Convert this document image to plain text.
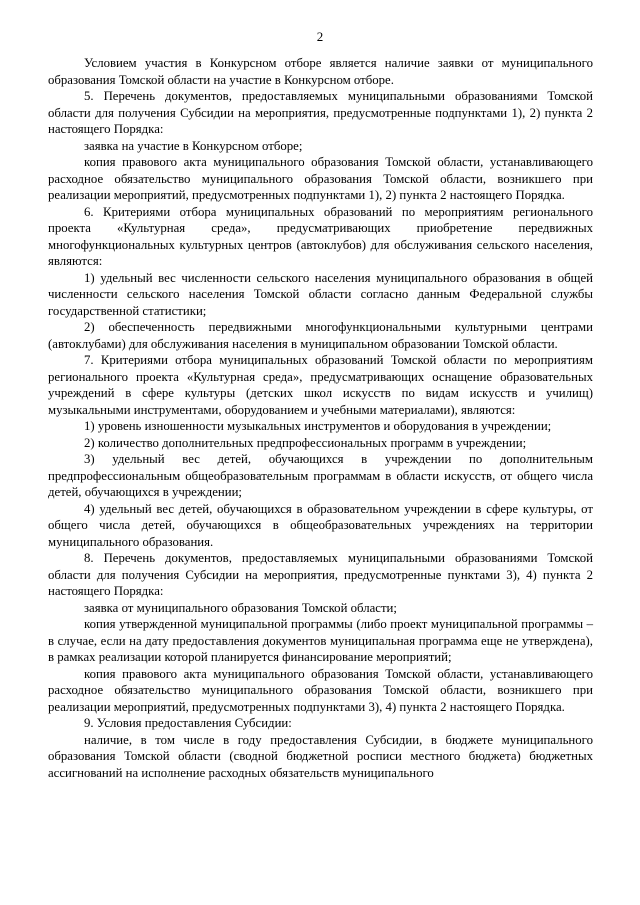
2

Условием участия в Конкурсном отборе является наличие заявки от муниципального образования Томской области на участие в Конкурсном отборе.

5. Перечень документов, предоставляемых муниципальными образованиями Томской области для получения Субсидии на мероприятия, предусмотренные подпунктами 1), 2) пункта 2 настоящего Порядка:

заявка на участие в Конкурсном отборе;

копия правового акта муниципального образования Томской области, устанавливающего расходное обязательство муниципального образования Томской области, возникшего при реализации мероприятий, предусмотренных подпунктами 1), 2) пункта 2 настоящего Порядка.

6. Критериями отбора муниципальных образований по мероприятиям регионального проекта «Культурная среда», предусматривающих приобретение передвижных многофункциональных культурных центров (автоклубов) для обслуживания сельского населения, являются:

1) удельный вес численности сельского населения муниципального образования в общей численности сельского населения Томской области согласно данным Федеральной службы государственной статистики;

2) обеспеченность передвижными многофункциональными культурными центрами (автоклубами) для обслуживания населения в муниципальном образовании Томской области.

7. Критериями отбора муниципальных образований Томской области по мероприятиям регионального проекта «Культурная среда», предусматривающих оснащение образовательных учреждений в сфере культуры (детских школ искусств по видам искусств и училищ) музыкальными инструментами, оборудованием и учебными материалами), являются:

1) уровень изношенности музыкальных инструментов и оборудования в учреждении;

2) количество дополнительных предпрофессиональных программ в учреждении;

3) удельный вес детей, обучающихся в учреждении по дополнительным предпрофессиональным общеобразовательным программам в области искусств, от общего числа детей, обучающихся в учреждении;

4) удельный вес детей, обучающихся в образовательном учреждении в сфере культуры, от общего числа детей, обучающихся в общеобразовательных учреждениях на территории муниципального образования.

8. Перечень документов, предоставляемых муниципальными образованиями Томской области для получения Субсидии на мероприятия, предусмотренные пунктами 3), 4) пункта 2 настоящего Порядка:

заявка от муниципального образования Томской области;

копия утвержденной муниципальной программы (либо проект муниципальной программы – в случае, если на дату предоставления документов муниципальная программа еще не утверждена), в рамках реализации которой планируется финансирование мероприятий;

копия правового акта муниципального образования Томской области, устанавливающего расходное обязательство муниципального образования Томской области, возникшего при реализации мероприятий, предусмотренных подпунктами 3), 4) пункта 2 настоящего Порядка.

9. Условия предоставления Субсидии:

наличие, в том числе в году предоставления Субсидии, в бюджете муниципального образования Томской области (сводной бюджетной росписи местного бюджета) бюджетных ассигнований на исполнение расходных обязательств муниципального
